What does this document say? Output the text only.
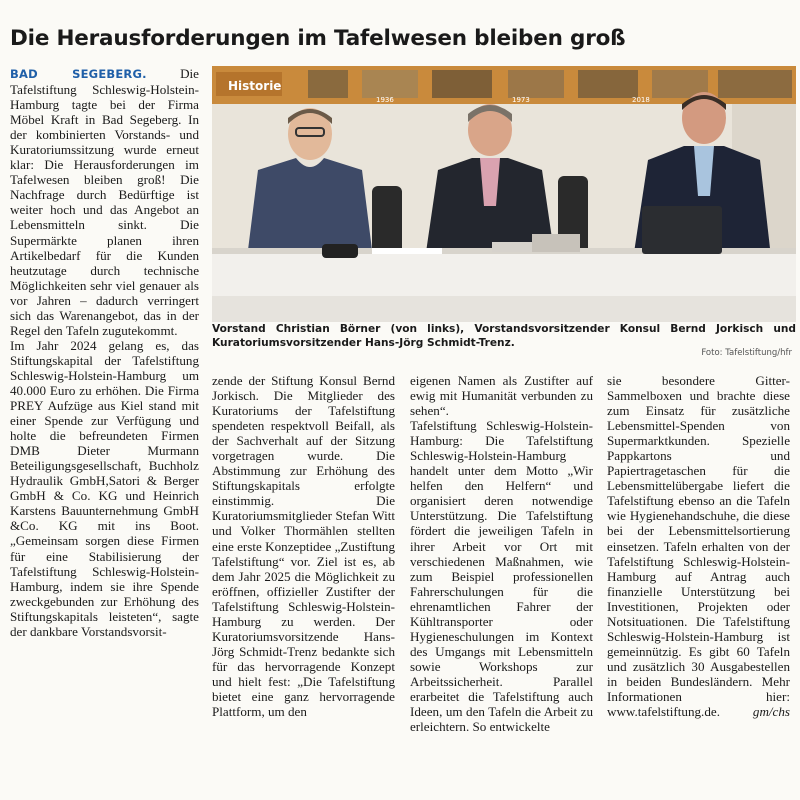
Die Herausforderungen im Tafelwesen bleiben groß

BAD SEGEBERG. Die Tafelstiftung Schleswig-Holstein-Hamburg tagte bei der Firma Möbel Kraft in Bad Segeberg. In der kombinierten Vorstands- und Kuratoriumssitzung wurde erneut klar: Die Herausforderungen im Tafelwesen bleiben groß! Die Nachfrage durch Bedürftige ist weiter hoch und das Angebot an Lebensmitteln sinkt. Die Supermärkte planen ihren Artikelbedarf für die Kunden heutzutage durch technische Möglichkeiten sehr viel genauer als vor Jahren – dadurch verringert sich das Warenangebot, das in der Regel den Tafeln zugutekommt.

Im Jahr 2024 gelang es, das Stiftungskapital der Tafelstiftung Schleswig-Holstein-Hamburg um 40.000 Euro zu erhöhen. Die Firma PREY Aufzüge aus Kiel stand mit einer Spende zur Verfügung und holte die befreundeten Firmen DMB Dieter Murmann Beteiligungsgesellschaft, Buchholz Hydraulik GmbH,Satori & Berger GmbH & Co. KG und Heinrich Karstens Bauunternehmung GmbH &Co. KG mit ins Boot. „Gemeinsam sorgen diese Firmen für eine Stabilisierung der Tafelstiftung Schleswig-Holstein-Hamburg, indem sie ihre Spende zweckgebunden zur Erhöhung des Stiftungskapitals leisteten“, sagte der dankbare Vorstandsvorsit-

Historie
1936	1973	2018
Vorstand Christian Börner (von links), Vorstandsvorsitzender Konsul Bernd Jorkisch und Kuratoriumsvorsitzender Hans-Jörg Schmidt-Trenz.
Foto: Tafelstiftung/hfr

zende der Stiftung Konsul Bernd Jorkisch. Die Mitglieder des Kuratoriums der Tafelstiftung spendeten respektvoll Beifall, als der Sachverhalt auf der Sitzung vorgetragen wurde. Die Abstimmung zur Erhöhung des Stiftungskapitals erfolgte einstimmig. Die Kuratoriumsmitglieder Stefan Witt und Volker Thormählen stellten eine erste Konzeptidee „Zustiftung Tafelstiftung“ vor. Ziel ist es, ab dem Jahr 2025 die Möglichkeit zu eröffnen, offizieller Zustifter der Tafelstiftung Schleswig-Holstein-Hamburg zu werden. Der Kuratoriumsvorsitzende Hans-Jörg Schmidt-Trenz bedankte sich für das hervorragende Konzept und hielt fest: „Die Tafelstiftung bietet eine ganz hervorragende Plattform, um den

eigenen Namen als Zustifter auf ewig mit Humanität verbunden zu sehen“.

Tafelstiftung Schleswig-Holstein-Hamburg: Die Tafelstiftung Schleswig-Holstein-Hamburg handelt unter dem Motto „Wir helfen den Helfern“ und organisiert deren notwendige Unterstützung. Die Tafelstiftung fördert die jeweiligen Tafeln in ihrer Arbeit vor Ort mit verschiedenen Maßnahmen, wie zum Beispiel professionellen Fahrerschulungen für die ehrenamtlichen Fahrer der Kühltransporter oder Hygieneschulungen im Kontext des Umgangs mit Lebensmitteln sowie Workshops zur Arbeitssicherheit. Parallel erarbeitet die Tafelstiftung auch Ideen, um den Tafeln die Arbeit zu erleichtern. So entwickelte

sie besondere Gitter-Sammelboxen und brachte diese zum Einsatz für zusätzliche Lebensmittel-Spenden von Supermarktkunden. Spezielle Pappkartons und Papiertragetaschen für die Lebensmittelübergabe liefert die Tafelstiftung ebenso an die Tafeln wie Hygienehandschuhe, die diese bei der Lebensmittelsortierung einsetzen. Tafeln erhalten von der Tafelstiftung Schleswig-Holstein-Hamburg auf Antrag auch finanzielle Unterstützung bei Investitionen, Projekten oder Notsituationen. Die Tafelstiftung Schleswig-Holstein-Hamburg ist gemeinnützig. Es gibt 60 Tafeln und zusätzlich 30 Ausgabestellen in beiden Bundesländern. Mehr Informationen hier: www.tafelstiftung.de.	gm/chs
